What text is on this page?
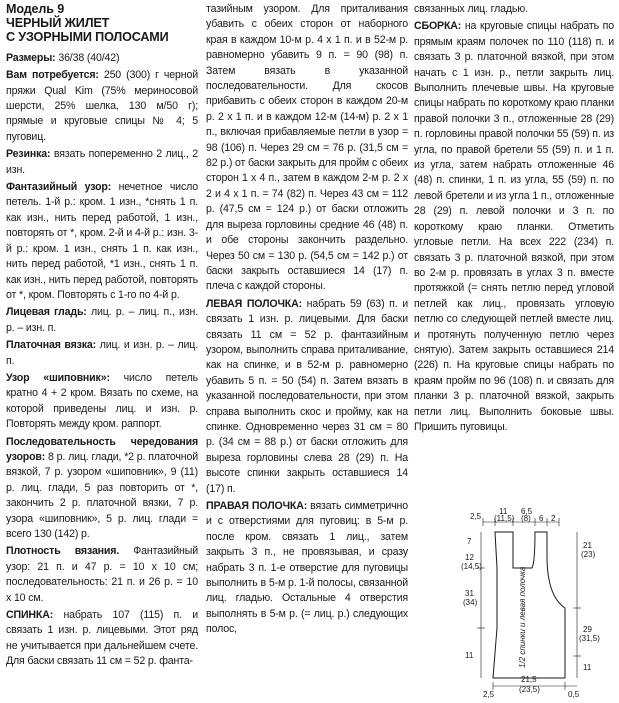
Модель 9
ЧЕРНЫЙ ЖИЛЕТ
С УЗОРНЫМИ ПОЛОСАМИ

Размеры: 36/38 (40/42)

Вам потребуется: 250 (300) г черной пряжи Qual Kim (75% мериносовой шерсти, 25% шелка, 130 м/50 г); прямые и круговые спицы № 4; 5 пуговиц.

Резинка: вязать попеременно 2 лиц., 2 изн.

Фантазийный узор: нечетное число петель. 1-й р.: кром. 1 изн., *снять 1 п. как изн., нить перед работой, 1 изн., повторять от *, кром. 2-й и 4-й р.: изн. 3-й р.: кром. 1 изн., снять 1 п. как изн., нить перед работой, *1 изн., снять 1 п. как изн., нить перед работой, повторять от *, кром. Повторять с 1-го по 4-й р.

Лицевая гладь: лиц. р. – лиц. п., изн. р. – изн. п.

Платочная вязка: лиц. и изн. р. – лиц. п.

Узор «шиповник»: число петель кратно 4 + 2 кром. Вязать по схеме, на которой приведены лиц. и изн. р. Повторять между кром. раппорт.

Последовательность чередования узоров: 8 р. лиц. глади, *2 р. платочной вязкой, 7 р. узором «шиповник», 9 (11) р. лиц. глади, 5 раз повторить от *, закончить 2 р. платочной вязки, 7 р. узора «шиповник», 5 р. лиц. глади = всего 130 (142) р.

Плотность вязания. Фантазийный узор: 21 п. и 47 р. = 10 х 10 см; последовательность: 21 п. и 26 р. = 10 х 10 см.

СПИНКА: набрать 107 (115) п. и связать 1 изн. р. лицевыми. Этот ряд не учитывается при дальнейшем счете. Для баски связать 11 см = 52 р. фанта-

тазийным узором. Для приталивания убавить с обеих сторон от наборного края в каждом 10-м р. 4 х 1 п. и в 52-м р. равномерно убавить 9 п. = 90 (98) п. Затем вязать в указанной последовательности. Для скосов прибавить с обеих сторон в каждом 20-м р. 2 х 1 п. и в каждом 12-м (14-м) р. 2 х 1 п., включая прибавляемые петли в узор = 98 (106) п. Через 29 см = 76 р. (31,5 см = 82 р.) от баски закрыть для пройм с обеих сторон 1 х 4 п., затем в каждом 2-м р. 2 х 2 и 4 х 1 п. = 74 (82) п. Через 43 см = 112 р. (47,5 см = 124 р.) от баски отложить для выреза горловины средние 46 (48) п. и обе стороны закончить раздельно. Через 50 см = 130 р. (54,5 см = 142 р.) от баски закрыть оставшиеся 14 (17) п. плеча с каждой стороны.

ЛЕВАЯ ПОЛОЧКА: набрать 59 (63) п. и связать 1 изн. р. лицевыми. Для баски связать 11 см = 52 р. фантазийным узором, выполнить справа приталивание, как на спинке, и в 52-м р. равномерно убавить 5 п. = 50 (54) п. Затем вязать в указанной последовательности, при этом справа выполнить скос и пройму, как на спинке. Одновременно через 31 см = 80 р. (34 см = 88 р.) от баски отложить для выреза горловины слева 28 (29) п. На высоте спинки закрыть оставшиеся 14 (17) п.

ПРАВАЯ ПОЛОЧКА: вязать симметрично и с отверстиями для пуговиц: в 5-м р. после кром. связать 1 лиц., затем закрыть 3 п., не провязывая, и сразу набрать 3 п. 1-е отверстие для пуговицы выполнить в 5-м р. 1-й полосы, связанной лиц. гладью. Остальные 4 отверстия выполнять в 5-м р. (= лиц. р.) следующих полос,

связанных лиц. гладью.

СБОРКА: на круговые спицы набрать по прямым краям полочек по 110 (118) п. и связать 3 р. платочной вязкой, при этом начать с 1 изн. р., петли закрыть лиц. Выполнить плечевые швы. На круговые спицы набрать по короткому краю планки правой полочки 3 п., отложенные 28 (29) п. горловины правой полочки 55 (59) п. из угла, по правой бретели 55 (59) п. и 1 п. из угла, затем набрать отложенные 46 (48) п. спинки, 1 п. из угла, 55 (59) п. по левой бретели и из угла 1 п., отложенные 28 (29) п. левой полочки и 3 п. по короткому краю планки. Отметить угловые петли. На всех 222 (234) п. связать 3 р. платочной вязкой, при этом во 2-м р. провязать в углах 3 п. вместе протяжкой (= снять петлю перед угловой петлей как лиц., провязать угловую петлю со следующей петлей вместе лиц. и протянуть полученную петлю через снятую). Затем закрыть оставшиеся 214 (226) п. На круговые спицы набрать по краям пройм по 96 (108) п. и связать для планки 3 р. платочной вязкой, закрыть петли лиц. Выполнить боковые швы. Пришить пуговицы.

2,5
11
(11,5)
6,5
(8) 6 2
7
12
(14,5)
31
(34)
11
21
(23)
29
(31,5)
11
21,5
(23,5)
2,5	0,5
1/2 спинки и левая полочка
